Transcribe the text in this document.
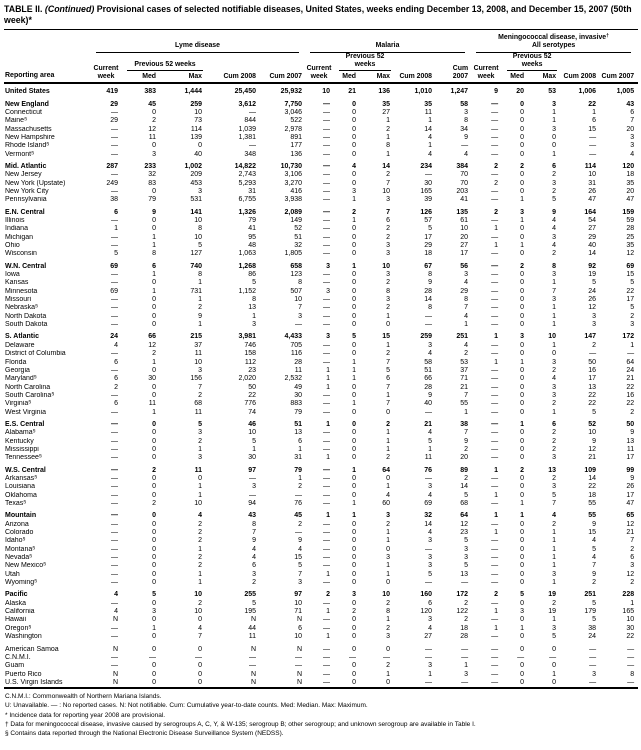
TABLE II. (Continued) Provisional cases of selected notifiable diseases, United States, weeks ending December 13, 2008, and December 15, 2007 (50th week)*
Reporting area	Lyme disease					Malaria					Meningococcal disease, invasive†
All serotypes				

	Current week	Previous 52 weeks		Cum 2008	Cum 2007	Current week	Previous 52 weeks		Cum 2008	Cum 2007	Current week	Previous 52 weeks		Cum 2008	Cum 2007
		Med	Max				Med	Max				Med	Max		

United States	419	383	1,444	25,450	25,932	10	21	136	1,010	1,247	9	20	53	1,006	1,005
New England	29	45	259	3,612	7,750	—	0	35	35	58	—	0	3	22	43
Connecticut	—	0	10	—	3,046	—	0	27	11	3	—	0	1	1	6
Maine§	29	2	73	844	522	—	0	1	1	8	—	0	1	6	7
Massachusetts	—	12	114	1,039	2,978	—	0	2	14	34	—	0	3	15	20
New Hampshire	—	11	139	1,381	891	—	0	1	4	9	—	0	0	—	3
Rhode Island§	—	0	0	—	177	—	0	8	1	—	—	0	0	—	3
Vermont§	—	3	40	348	136	—	0	1	4	4	—	0	1	—	4
Mid. Atlantic	287	233	1,002	14,822	10,730	—	4	14	234	384	2	2	6	114	120
New Jersey	—	32	209	2,743	3,106	—	0	2	—	70	—	0	2	10	18
New York (Upstate)	249	83	453	5,293	3,270	—	0	7	30	70	2	0	3	31	35
New York City	—	0	3	31	416	—	3	10	165	203	—	0	2	26	20
Pennsylvania	38	79	531	6,755	3,938	—	1	3	39	41	—	1	5	47	47
E.N. Central	6	9	141	1,326	2,089	—	2	7	126	135	2	3	9	164	159
Illinois	—	0	10	79	149	—	1	6	57	61	—	1	4	54	59
Indiana	1	0	8	41	52	—	0	2	5	10	1	0	4	27	28
Michigan	—	1	10	95	51	—	0	2	17	20	—	0	3	29	25
Ohio	—	1	5	48	32	—	0	3	29	27	1	1	4	40	35
Wisconsin	5	8	127	1,063	1,805	—	0	3	18	17	—	0	2	14	12
W.N. Central	69	6	740	1,268	658	3	1	10	67	56	—	2	8	92	69
Iowa	—	1	8	86	123	—	0	3	8	3	—	0	3	19	15
Kansas	—	0	1	5	8	—	0	2	9	4	—	0	1	5	5
Minnesota	69	1	731	1,152	507	3	0	8	28	29	—	0	7	24	22
Missouri	—	0	1	8	10	—	0	3	14	8	—	0	3	26	17
Nebraska§	—	0	2	13	7	—	0	2	8	7	—	0	1	12	5
North Dakota	—	0	9	1	3	—	0	1	—	4	—	0	1	3	2
South Dakota	—	0	1	3	—	—	0	0	—	1	—	0	1	3	3
S. Atlantic	24	66	215	3,981	4,433	3	5	15	259	251	1	3	10	147	172
Delaware	4	12	37	746	705	—	0	1	3	4	—	0	1	2	1
District of Columbia	—	2	11	158	116	—	0	2	4	2	—	0	0	—	—
Florida	6	1	10	112	28	—	1	7	58	53	1	1	3	50	64
Georgia	—	0	3	23	11	1	1	5	51	37	—	0	2	16	24
Maryland§	6	30	156	2,020	2,532	1	1	6	66	71	—	0	4	17	21
North Carolina	2	0	7	50	49	1	0	7	28	21	—	0	3	13	22
South Carolina§	—	0	2	22	30	—	0	1	9	7	—	0	3	22	16
Virginia§	6	11	68	776	883	—	1	7	40	55	—	0	2	22	22
West Virginia	—	1	11	74	79	—	0	0	—	1	—	0	1	5	2
E.S. Central	—	0	5	46	51	1	0	2	21	38	—	1	6	52	50
Alabama§	—	0	3	10	13	—	0	1	4	7	—	0	2	10	9
Kentucky	—	0	2	5	6	—	0	1	5	9	—	0	2	9	13
Mississippi	—	0	1	1	1	—	0	1	1	2	—	0	2	12	11
Tennessee§	—	0	3	30	31	1	0	2	11	20	—	0	3	21	17
W.S. Central	—	2	11	97	79	—	1	64	76	89	1	2	13	109	99
Arkansas§	—	0	0	—	1	—	0	0	—	2	—	0	2	14	9
Louisiana	—	0	1	3	2	—	0	1	3	14	—	0	3	22	26
Oklahoma	—	0	1	—	—	—	0	4	4	5	1	0	5	18	17
Texas§	—	2	10	94	76	—	1	60	69	68	—	1	7	55	47
Mountain	—	0	4	43	45	1	1	3	32	64	1	1	4	55	65
Arizona	—	0	2	8	2	—	0	2	14	12	—	0	2	9	12
Colorado	—	0	2	7	—	—	0	1	4	23	1	0	1	15	21
Idaho§	—	0	2	9	9	—	0	1	3	5	—	0	1	4	7
Montana§	—	0	1	4	4	—	0	0	—	3	—	0	1	5	2
Nevada§	—	0	2	4	15	—	0	3	3	3	—	0	1	4	6
New Mexico§	—	0	2	6	5	—	0	1	3	5	—	0	1	7	3
Utah	—	0	1	3	7	1	0	1	5	13	—	0	3	9	12
Wyoming§	—	0	1	2	3	—	0	0	—	—	—	0	1	2	2
Pacific	4	5	10	255	97	2	3	10	160	172	2	5	19	251	228
Alaska	—	0	2	5	10	—	0	2	6	2	—	0	2	5	1
California	4	3	10	195	71	1	2	8	120	122	1	3	19	179	165
Hawaii	N	0	0	N	N	—	0	1	3	2	—	0	1	5	10
Oregon§	—	1	4	44	6	—	0	2	4	18	1	1	3	38	30
Washington	—	0	7	11	10	1	0	3	27	28	—	0	5	24	22
American Samoa	N	0	0	N	N	—	0	0	—	—	—	0	0	—	—
C.N.M.I.	—	—	—	—	—	—	—	—	—	—	—	—	—	—	—
Guam	—	0	0	—	—	—	0	2	3	1	—	0	0	—	—
Puerto Rico	N	0	0	N	N	—	0	1	1	3	—	0	1	3	8
U.S. Virgin Islands	N	0	0	N	N	—	0	0	—	—	—	0	0	—	—

C.N.M.I.: Commonwealth of Northern Mariana Islands.
U: Unavailable. — : No reported cases. N: Not notifiable. Cum: Cumulative year-to-date counts. Med: Median. Max: Maximum.
* Incidence data for reporting year 2008 are provisional.
† Data for meningococcal disease, invasive caused by serogroups A, C, Y, & W-135; serogroup B; other serogroup; and unknown serogroup are available in Table I.
§ Contains data reported through the National Electronic Disease Surveillance System (NEDSS).
